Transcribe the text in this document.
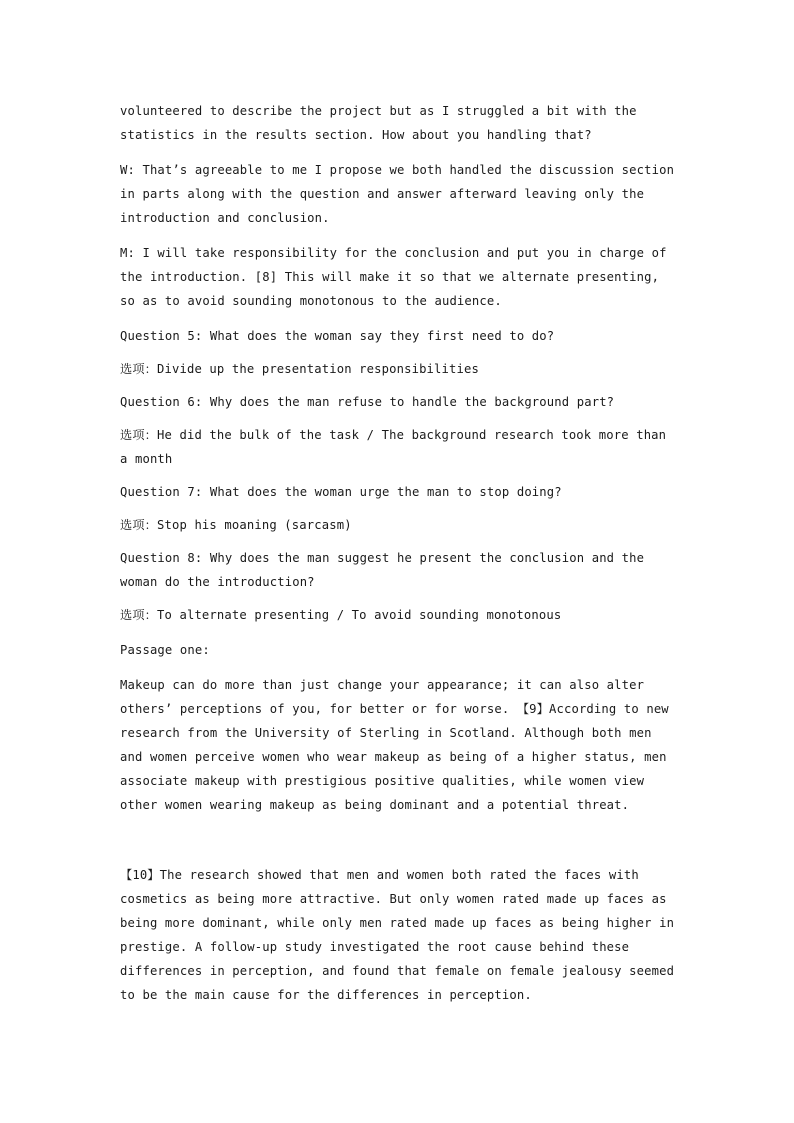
volunteered to describe the project but as I struggled a bit with the statistics in the results section. How about you handling that?

W: That’s agreeable to me I propose we both handled the discussion section in parts along with the question and answer afterward leaving only the introduction and conclusion.

M: I will take responsibility for the conclusion and put you in charge of the introduction. [8] This will make it so that we alternate presenting, so as to avoid sounding monotonous to the audience.

Question 5: What does the woman say they first need to do?

选项：Divide up the presentation responsibilities

Question 6: Why does the man refuse to handle the background part?

选项：He did the bulk of the task / The background research took more than a month

Question 7: What does the woman urge the man to stop doing?

选项：Stop his moaning (sarcasm)

Question 8: Why does the man suggest he present the conclusion and the woman do the introduction?

选项：To alternate presenting / To avoid sounding monotonous

Passage one:

Makeup can do more than just change your appearance; it can also alter others’ perceptions of you, for better or for worse. 【9】According to new research from the University of Sterling in Scotland. Although both men and women perceive women who wear makeup as being of a higher status, men associate makeup with prestigious positive qualities, while women view other women wearing makeup as being dominant and a potential threat.

【10】The research showed that men and women both rated the faces with cosmetics as being more attractive. But only women rated made up faces as being more dominant, while only men rated made up faces as being higher in prestige. A follow-up study investigated the root cause behind these differences in perception, and found that female on female jealousy seemed to be the main cause for the differences in perception.
